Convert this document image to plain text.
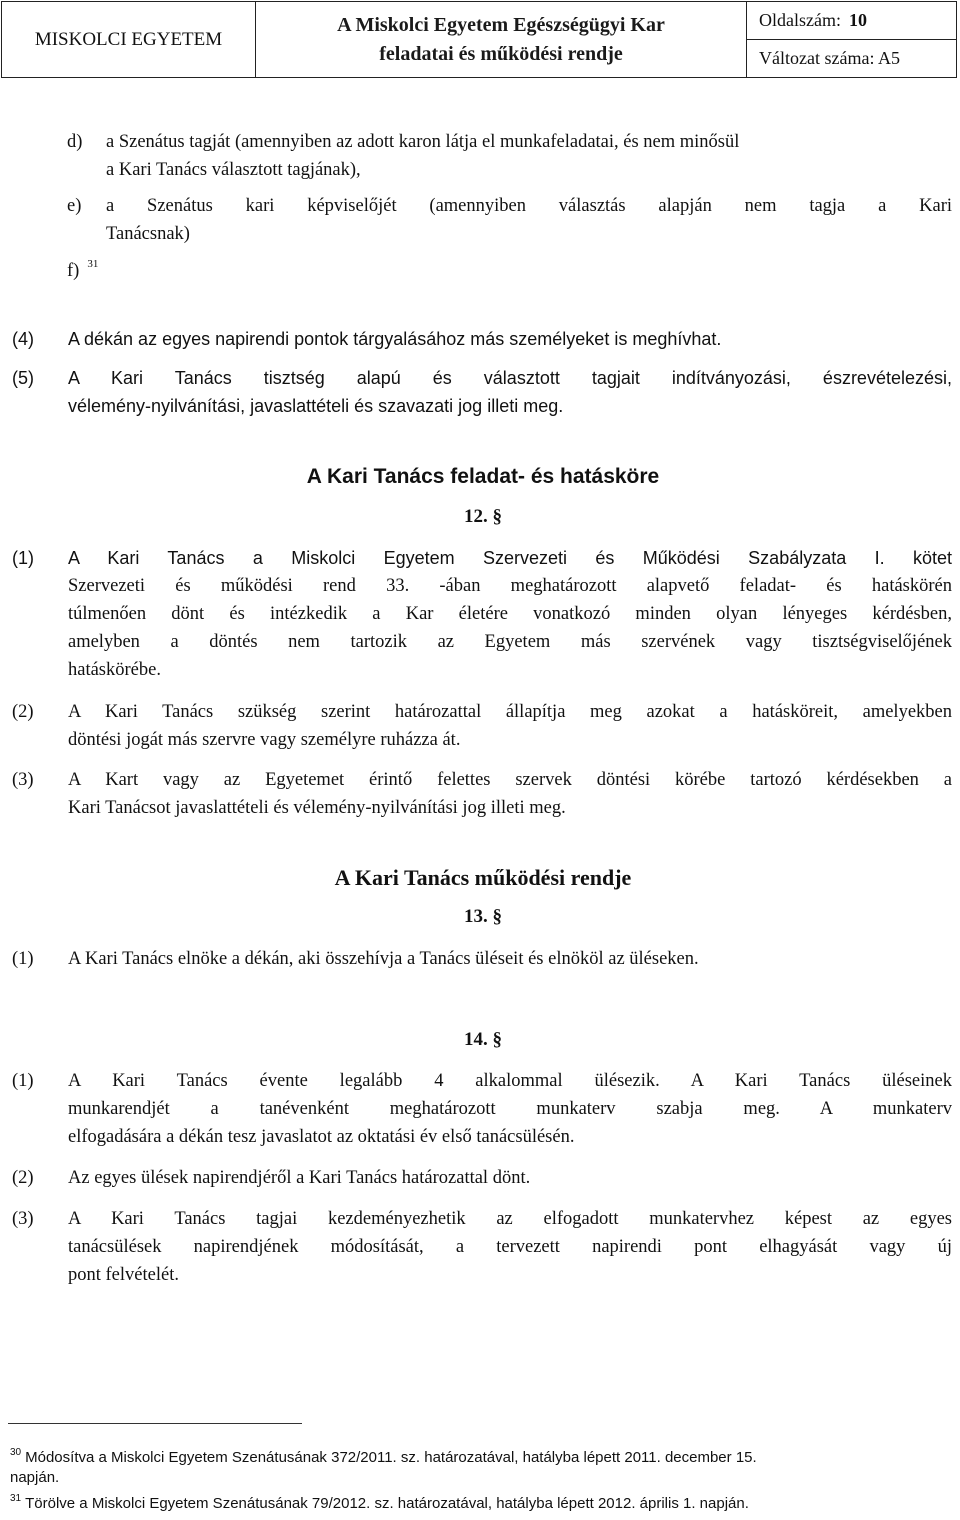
MISKOLCI EGYETEM
A Miskolci Egyetem Egészségügyi Kar
feladatai és működési rendje
Oldalszám: 10
Változat száma: A5
d) a Szenátus tagját (amennyiben az adott karon látja el munkafeladatai, és nem minősül
a Kari Tanács választott tagjának),
e) a Szenátus kari képviselőjét (amennyiben választás alapján nem tagja a Kari
Tanácsnak)
f) $^{31}$
(4) A dékán az egyes napirendi pontok tárgyalásához más személyeket is meghívhat.
(5) A Kari Tanács tisztség alapú és választott tagjait indítványozási, észrevételezési,
vélemény-nyilvánítási, javaslattételi és szavazati jog illeti meg.
A Kari Tanács feladat- és hatásköre
12. §
(1) A Kari Tanács a Miskolci Egyetem Szervezeti és Működési Szabályzata I. kötet
Szervezeti és működési rend 33. -ában meghatározott alapvető feladat- és hatáskörén
túlmenően dönt és intézkedik a Kar életére vonatkozó minden olyan lényeges kérdésben,
amelyben a döntés nem tartozik az Egyetem más szervének vagy tisztségviselőjének
hatáskörébe.
(2) A Kari Tanács szükség szerint határozattal állapítja meg azokat a hatásköreit, amelyekben
döntési jogát más szervre vagy személyre ruházza át.
(3) A Kart vagy az Egyetemet érintő felettes szervek döntési körébe tartozó kérdésekben a
Kari Tanácsot javaslattételi és vélemény-nyilvánítási jog illeti meg.
A Kari Tanács működési rendje
13. §
(1) A Kari Tanács elnöke a dékán, aki összehívja a Tanács üléseit és elnököl az üléseken.
14. §
(1) A Kari Tanács évente legalább 4 alkalommal ülésezik. A Kari Tanács üléseinek
munkarendjét a tanévenként meghatározott munkaterv szabja meg. A munkaterv
elfogadására a dékán tesz javaslatot az oktatási év első tanácsülésén.
(2) Az egyes ülések napirendjéről a Kari Tanács határozattal dönt.
(3) A Kari Tanács tagjai kezdeményezhetik az elfogadott munkatervhez képest az egyes
tanácsülések napirendjének módosítását, a tervezett napirendi pont elhagyását vagy új
pont felvételét.
$^{30}$ Módosítva a Miskolci Egyetem Szenátusának 372/2011. sz. határozatával, hatályba lépett 2011. december 15.
napján.
$^{31}$ Törölve a Miskolci Egyetem Szenátusának 79/2012. sz. határozatával, hatályba lépett 2012. április 1. napján.
